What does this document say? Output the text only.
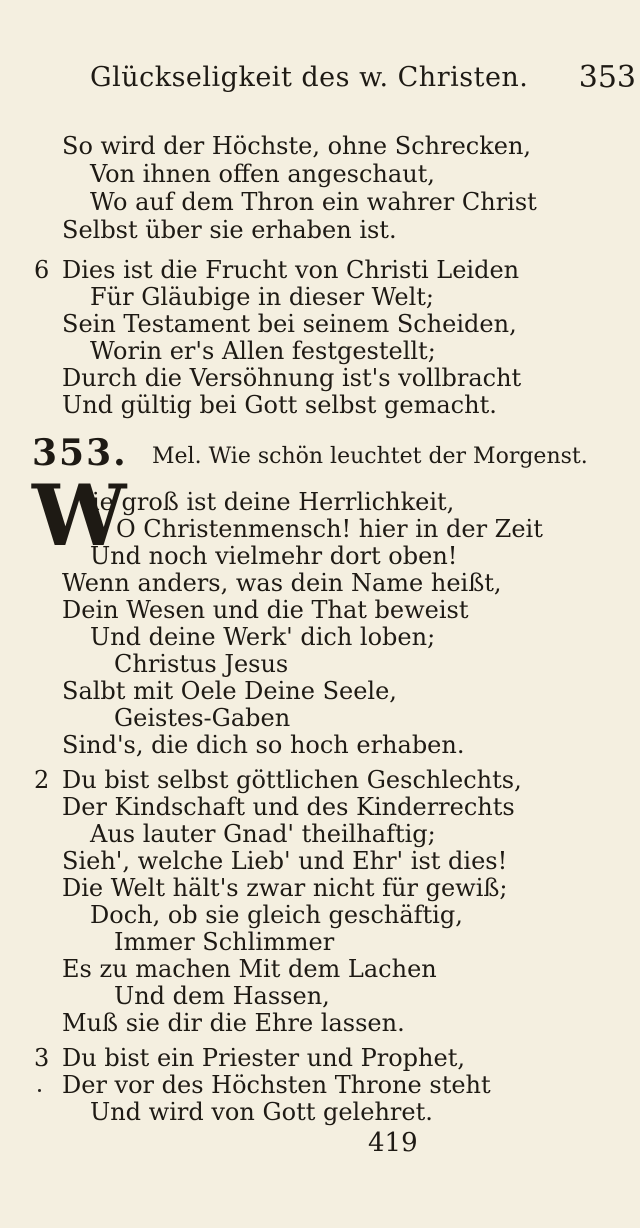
Glückseligkeit des w. Christen. 353
So wird der Höchste, ohne Schrecken,
Von ihnen offen angeschaut,
Wo auf dem Thron ein wahrer Christ
Selbst über sie erhaben ist.
6 Dies ist die Frucht von Christi Leiden
Für Gläubige in dieser Welt;
Sein Testament bei seinem Scheiden,
Worin er's Allen festgestellt;
Durch die Versöhnung ist's vollbracht
Und gültig bei Gott selbst gemacht.
353. Mel. Wie schön leuchtet der Morgenst.
W
ie groß ist deine Herrlichkeit,
O Christenmensch! hier in der Zeit
Und noch vielmehr dort oben!
Wenn anders, was dein Name heißt,
Dein Wesen und die That beweist
Und deine Werk' dich loben;
Christus Jesus
Salbt mit Oele Deine Seele,
Geistes-Gaben
Sind's, die dich so hoch erhaben.
2 Du bist selbst göttlichen Geschlechts,
Der Kindschaft und des Kinderrechts
Aus lauter Gnad' theilhaftig;
Sieh', welche Lieb' und Ehr' ist dies!
Die Welt hält's zwar nicht für gewiß;
Doch, ob sie gleich geschäftig,
Immer Schlimmer
Es zu machen Mit dem Lachen
Und dem Hassen,
Muß sie dir die Ehre lassen.
3 Du bist ein Priester und Prophet,
Der vor des Höchsten Throne steht
Und wird von Gott gelehret.
419
